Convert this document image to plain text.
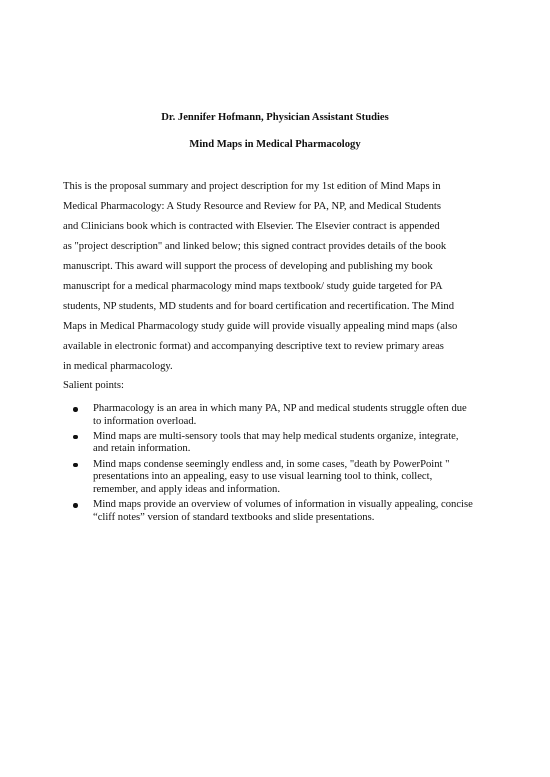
Dr. Jennifer Hofmann, Physician Assistant Studies
Mind Maps in Medical Pharmacology
This is the proposal summary and project description for my 1st edition of Mind Maps in
Medical Pharmacology: A Study Resource and Review for PA, NP, and Medical Students
and Clinicians book which is contracted with Elsevier. The Elsevier contract is appended
as "project description" and linked below; this signed contract provides details of the book
manuscript. This award will support the process of developing and publishing my book
manuscript for a medical pharmacology mind maps textbook/ study guide targeted for PA
students, NP students, MD students and for board certification and recertification. The Mind
Maps in Medical Pharmacology study guide will provide visually appealing mind maps (also
available in electronic format) and accompanying descriptive text to review primary areas
in medical pharmacology.
Salient points:
Pharmacology is an area in which many PA, NP and medical students struggle often due
to information overload.
Mind maps are multi-sensory tools that may help medical students organize, integrate,
and retain information.
Mind maps condense seemingly endless and, in some cases, "death by PowerPoint "
presentations into an appealing, easy to use visual learning tool to think, collect,
remember, and apply ideas and information.
Mind maps provide an overview of volumes of information in visually appealing, concise
“cliff notes” version of standard textbooks and slide presentations.
